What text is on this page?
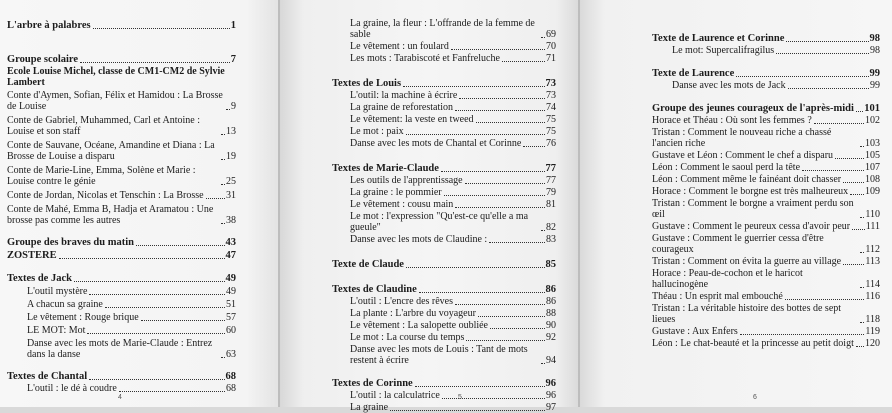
L'arbre à palabres	1
Groupe scolaire	7
Ecole Louise Michel, classe de CM1-CM2 de Sylvie Lambert
Conte d'Aymen, Sofian, Félix et Hamidou : La Brosse de Louise	9
Conte de Gabriel, Muhammed, Carl et Antoine : Louise et son staff	13
Conte de Sauvane, Océane, Amandine et Diana : La Brosse de Louise a disparu	19
Conte de Marie-Line, Emma, Solène et Marie : Louise contre le génie	25
Conte de Jordan, Nicolas et Tenschin : La Brosse 31
Conte de Mahé, Emma B, Hadja et Aramatou : Une brosse pas comme les autres	38
Groupe des braves du matin	43
ZOSTERE	47
Textes de Jack	49
L'outil mystère	49
A chacun sa graine	51
Le vêtement : Rouge brique	57
LE MOT: Mot	60
Danse avec les mots de Marie-Claude : Entrez dans la danse	63
Textes de Chantal	68
L'outil : le dé à coudre	68
4
La graine, la fleur : L'offrande de la femme de sable	69
Le vêtement : un foulard	70
Les mots : Tarabiscoté et Fanfreluche	71
Textes de Louis	73
L'outil: la machine à écrire	73
La graine de reforestation	74
Le vêtement: la veste en tweed	75
Le mot : paix	75
Danse avec les mots de Chantal et Corinne 76
Textes de Marie-Claude	77
Les outils de l'apprentissage	77
La graine : le pommier	79
Le vêtement : cousu main	81
Le mot : l'expression "Qu'est-ce qu'elle a ma gueule"	82
Danse avec les mots de Claudine :	83
Texte de Claude	85
Textes de Claudine	86
L'outil : L'encre des rêves	86
La plante : L'arbre du voyageur	88
Le vêtement : La salopette oubliée	90
Le mot : La course du temps	92
Danse avec les mots de Louis : Tant de mots restent à écrire	94
Textes de Corinne	96
L'outil : la calculatrice	96
La graine	97
5
Texte de Laurence et Corinne	98
Le mot: Supercalifragilus	98
Texte de Laurence	99
Danse avec les mots de Jack	99
Groupe des jeunes courageux de l'après-midi 101
Horace et Théau : Où sont les femmes ?	102
Tristan : Comment le nouveau riche a chassé l'ancien riche	103
Gustave et Léon : Comment le chef a disparu	105
Léon : Comment le saoul perd la tête	107
Léon : Comment même le fainéant doit chasser 108
Horace : Comment le borgne est très malheureux 109
Tristan : Comment le borgne a vraiment perdu son œil	110
Gustave : Comment le peureux cessa d'avoir peur 111
Gustave : Comment le guerrier cessa d'être courageux	112
Tristan : Comment on évita la guerre au village 113
Horace : Peau-de-cochon et le haricot hallucinogène	114
Théau : Un esprit mal embouché	116
Tristan : La véritable histoire des bottes de sept lieues	118
Gustave : Aux Enfers	119
Léon : Le chat-beauté et la princesse au petit doigt 120
6
